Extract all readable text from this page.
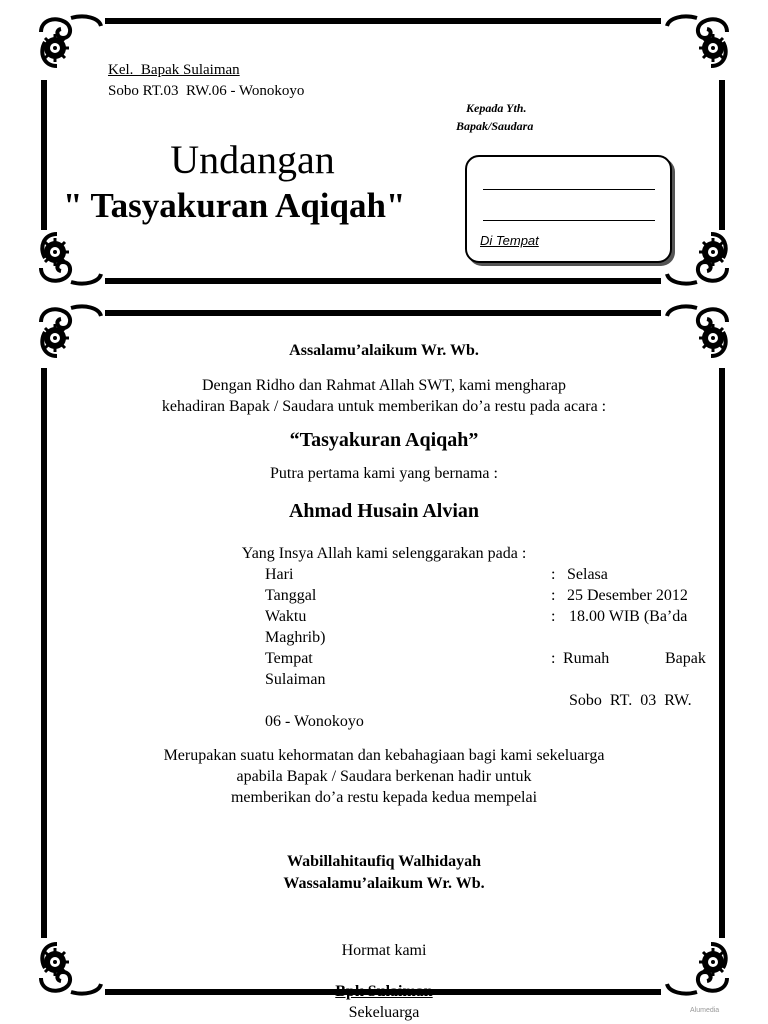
Kel.  Bapak Sulaiman
Sobo RT.03  RW.06 - Wonokoyo
Kepada Yth.
Bapak/Saudara
Undangan
" Tasyakuran Aqiqah"
Di Tempat
Assalamu’alaikum Wr. Wb.
Dengan Ridho dan Rahmat Allah SWT, kami mengharap
kehadiran Bapak / Saudara untuk memberikan do’a restu pada acara :
“Tasyakuran Aqiqah”
Putra pertama kami yang bernama :
Ahmad Husain Alvian
Yang Insya Allah kami selenggarakan pada :
Hari	: Selasa
Tanggal	: 25 Desember 2012
Waktu	: 18.00 WIB (Ba’da
Maghrib)
Tempat	: Rumah	Bapak
Sulaiman
Sobo  RT.  03  RW.
06 - Wonokoyo
Merupakan suatu kehormatan dan kebahagiaan bagi kami sekeluarga
apabila Bapak / Saudara berkenan hadir untuk
memberikan do’a restu kepada kedua mempelai
Wabillahitaufiq Walhidayah
Wassalamu’alaikum Wr. Wb.
Hormat kami
Bpk Sulaiman
Sekeluarga	Alumedia
